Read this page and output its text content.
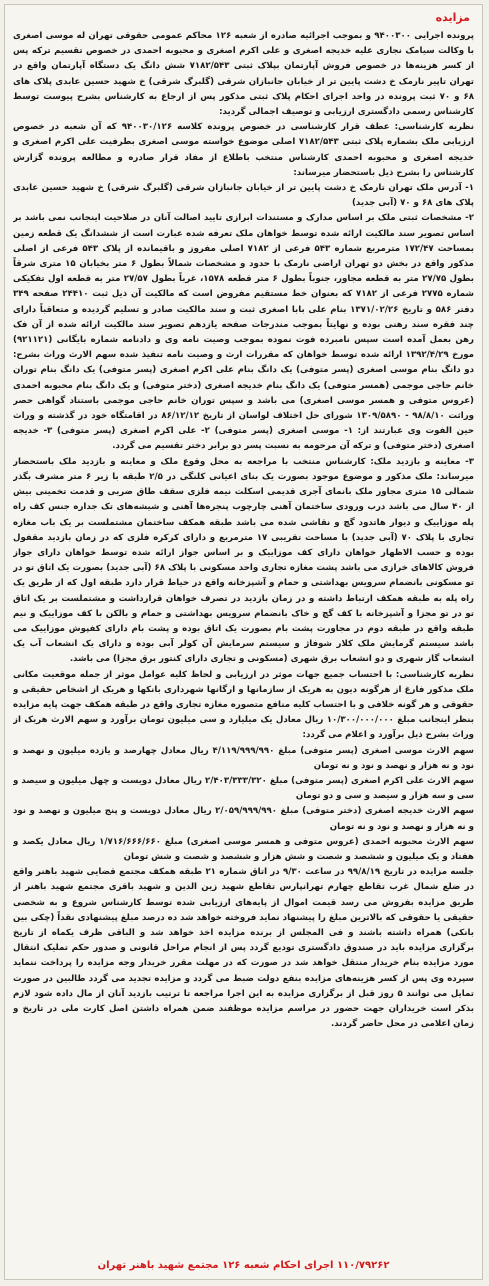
مزایده

پرونده اجرایی ۹۴۰۰۳۰۰ و بموجب اجرائیه صادره از شعبه ۱۲۶ محاکم عمومی حقوقی تهران له موسی اصغری با وکالت سیامک نجاری علیه خدیجه اصغری و علی اکرم اصغری و محبوبه احمدی در خصوص تقسیم ترکه پس از کسر هزینه‌ها در خصوص فروش آپارتمان بپلاک ثبتی ۷۱۸۲/۵۴۳ شش دانگ یک دستگاه آپارتمان واقع در تهران تاپیر نارمک خ دشت پایین تر از خیابان جانبازان شرقی (گلبرگ شرقی) خ شهید حسین عابدی پلاک های ۶۸ و ۷۰ ثبت پرونده در واحد اجرای احکام پلاک ثبتی مذکور پس از ارجاع به کارشناس بشرح پیوست توسط کارشناس رسمی دادگستری ارزیابی و توصیف اجمالی گردید:

نظریه کارشناسی: عطف قرار کارشناسی در خصوص پرونده کلاسه ۹۴۰۰۳۰/۱۲۶ که آن شعبه در خصوص ارزیابی ملک بشماره پلاک ثبتی ۷۱۸۲/۵۴۳ اصلی موضوع خواسته موسی اصغری بطرفیت علی اکرم اصغری و خدیجه اصغری و محبوبه احمدی کارشناس منتخب باطلاع از مفاد قرار صادره و مطالعه پرونده گزارش کارشناس را بشرح ذیل باستحضار میرساند:

۱- آدرس ملک تهران تارمک خ دشت پایین تر از خیابان جانبازان شرقی (گلبرگ شرقی) خ شهید حسین عابدی پلاک های ۶۸ و ۷۰ (آبی جدید)

۲- مشخصات ثبتی ملک بر اساس مدارک و مستندات ابرازی تایید اصالت آنان در صلاحیت اینجانب نمی باشد بر اساس تصویر سند مالکیت ارائه شده توسط خواهان ملک تعرفه شده عبارت است از ششدانگ یک قطعه زمین بمساحت ۱۷۲/۴۷ مترمربع شماره ۵۴۳ فرعی از ۷۱۸۲ اصلی مفروز و باقیمانده از پلاک ۵۴۳ فرعی از اصلی مذکور واقع در بخش دو تهران اراضی نارمک با حدود و مشخصات شمالاً بطول ۶ متر بخیابان ۱۵ متری شرقاً بطول ۲۷/۷۵ متر به قطعه مجاور، جنوباً بطول ۶ متر قطعه ۱۵۷۸، غرباً بطول ۲۷/۵۷ متر به قطعه اول تفکیکی شماره ۲۷۷۵ فرعی از ۷۱۸۲ که بعنوان خط مستقیم مفروض است که مالکیت آن ذیل ثبت ۲۴۴۱۰ صفحه ۳۴۹ دفتر ۵۸۶ و تاریخ ۱۳۷۱/۰۲/۲۶ بنام علی بابا اصغری ثبت و سند مالکیت صادر و تسلیم گردیده و متعاقباً دارای چند فقره سند رهنی بوده و نهایتاً بموجب مندرجات صفحه یازدهم تصویر سند مالکیت ارائه شده از آن فک رهن بعمل آمده است سپس نامبرده فوت نموده بموجب وصیت نامه وی و دادنامه شماره بایگانی (۹۲۱۱۲۱) مورخ ۱۳۹۲/۴/۲۹ ارائه شده توسط خواهان که مقررات ارث و وصیت نامه تنفیذ شده سهم الارث وراث بشرح: دو دانگ بنام موسی اصغری (پسر متوفی) یک دانگ بنام علی اکرم اصغری (پسر متوفی) یک دانگ بنام توران خانم حاجی موجمی (همسر متوفی) یک دانگ بنام خدیجه اصغری (دختر متوفی) و یک دانگ بنام محبوبه احمدی (عروس متوفی و همسر موسی اصغری) می باشد و سپس توران خانم حاجی موجمی باستناد گواهی حصر وراثت ۹۸/۸/۱۰ - ۱۳۰۹/۵۸۹۰ شورای حل اختلاف لواسان از تاریخ ۸۶/۱۲/۱۲ در اقامتگاه خود در گذشته و وراث حین الفوت وی عبارتند از: ۱- موسی اصغری (پسر متوفی) ۲- علی اکرم اصغری (پسر متوفی) ۳- خدیجه اصغری (دختر متوفی) و ترکه آن مرحومه به نسبت پسر دو برابر دختر تقسیم می گردد.

۳- معاینه و بازدید ملک: کارشناس منتخب با مراجعه به محل وقوع ملک و معاینه و بازدید ملک باستحضار میرساند: ملک مذکور و موضوع موجود بصورت یک بنای اعیانی کلنگی در ۲/۵ طبقه با زیر ۶ متر مشرف بگذر شمالی ۱۵ متری مجاور ملک بانمای آجری قدیمی اسکلت نیمه فلزی سقف طاق ضربی و قدمت تخمینی بیش از ۴۰ سال می باشد درب ورودی ساختمان آهنی چارچوب پنجره‌ها آهنی و شیشه‌های تک جداره جنس کف راه پله موزاییک و دیوار هاتدود گچ و نقاشی شده می باشد طبقه همکف ساختمان مشتملست بر یک باب مغازه تجاری با پلاک ۷۰ (آبی جدید) با مساحت تقریبی ۱۷ مترمربع و دارای کرکره فلزی که در زمان بازدید مقفول بوده و حسب الاظهار خواهان دارای کف موزاییک و بر اساس جواز ارائه شده توسط خواهان دارای جواز فروش کالاهای خرازی می باشد پشت مغازه تجاری واحد مسکونی با پلاک ۶۸ (آبی جدید) بصورت یک اتاق تو در تو مسکونی بانضمام سرویس بهداشتی و حمام و آشپزخانه واقع در حیاط قرار دارد طبقه اول که از طریق یک راه پله به طبقه همکف ارتباط داشته و در زمان بازدید در تصرف خواهان قرارداشت و مشتملست بر یک اتاق تو در تو مجزا و آشپزخانه با کف گچ و خاک بانضمام سرویس بهداشتی و حمام و بالکن با کف موزاییک و نیم طبقه واقع در طبقه دوم در مجاورت پشت بام بصورت یک اتاق بوده و پشت بام دارای کفپوش موزاییک می باشد سیستم گرمایش ملک کلار شوفاژ و سیستم سرمایش آن کولر آبی بوده و دارای یک انشعاب آب یک انشعاب گاز شهری و دو انشعاب برق شهری (مسکونی و تجاری دارای کنتور برق مجزا) می باشد.

نظریه کارشناسی: با احتساب جمیع جهات موثر در ارزیابی و لحاظ کلیه عوامل موثر از جمله موقعیت مکانی ملک مذکور فارغ از هرگونه دیون به هریک از سازمانها و ارگانها شهرداری بانکها و هریک از اشخاص حقیقی و حقوقی و هر گونه خلافی و با احتساب کلیه منافع متصوره مغازه تجاری واقع در طبقه همکف جهت پایه مزایده بنظر اینجانب مبلغ ۱۰/۳۰۰/۰۰۰/۰۰۰ ریال معادل یک میلیارد و سی میلیون تومان برآورد و سهم الارث هریک از وراث بشرح ذیل برآورد و اعلام می گردد:

سهم الارث موسی اصغری (پسر متوفی) مبلغ ۴/۱۱۹/۹۹۹/۹۹۰ ریال معادل چهارصد و یازده میلیون و نهصد و نود و نه هزار و نهصد و نود و نه تومان

سهم الارث علی اکرم اصغری (پسر متوفی) مبلغ ۲/۴۰۳/۳۳۳/۳۲۰ ریال معادل دویست و چهل میلیون و سیصد و سی و سه هزار و سیصد و سی و دو تومان

سهم الارث خدیجه اصغری (دختر متوفی) مبلغ ۲/۰۵۹/۹۹۹/۹۹۰ ریال معادل دویست و پنج میلیون و نهصد و نود و نه هزار و نهصد و نود و نه تومان

سهم الارث محبوبه احمدی (عروس متوفی و همسر موسی اصغری) مبلغ ۱/۷۱۶/۶۶۶/۶۶۰ ریال معادل یکصد و هفتاد و یک میلیون و ششصد و شصت و شش هزار و ششصد و شصت و شش تومان

جلسه مزایده در تاریخ ۹۹/۸/۱۹ در ساعت ۹/۳۰ در اتاق شماره ۲۱ طبقه همکف مجتمع قضایی شهید باهنر واقع در ضلع شمال غرب تقاطع چهارم تهرانپارس تقاطع شهید زین الدین و شهید باقری مجتمع شهید باهنر از طریق مزایده بفروش می رسد قیمت اموال از پایه‌های ارزیابی شده توسط کارشناس شروع و به شخصی حقیقی یا حقوقی که بالاترین مبلغ را پیشنهاد نماید فروخته خواهد شد ده درصد مبلغ پیشنهادی نقداً (چکی بین بانکی) همراه داشته باشند و فی المجلس از برنده مزایده اخذ خواهد شد و الباقی ظرف یکماه از تاریخ برگزاری مزایده باید در صندوق دادگستری تودیع گردد پس از انجام مراحل قانونی و صدور حکم تملیک انتقال مورد مزایده بنام خریدار منتقل خواهد شد در صورت که در مهلت مقرر خریدار وجه مزایده را پرداخت ننماید سپرده وی پس از کسر هزینه‌های مزایده بنفع دولت ضبط می گردد و مزایده تجدید می گردد طالبین در صورت تمایل می توانند ۵ روز قبل از برگزاری مزایده به این اجرا مراجعه تا ترتیب بازدید آنان از مال داده شود لازم بذکر است خریداران جهت حضور در مراسم مزایده موظفند ضمن همراه داشتن اصل کارت ملی در تاریخ و زمان اعلامی در محل حاضر گردند.

۱۱۰/۷۹۲۶۲ اجرای احکام شعبه ۱۲۶ مجتمع شهید باهنر تهران
